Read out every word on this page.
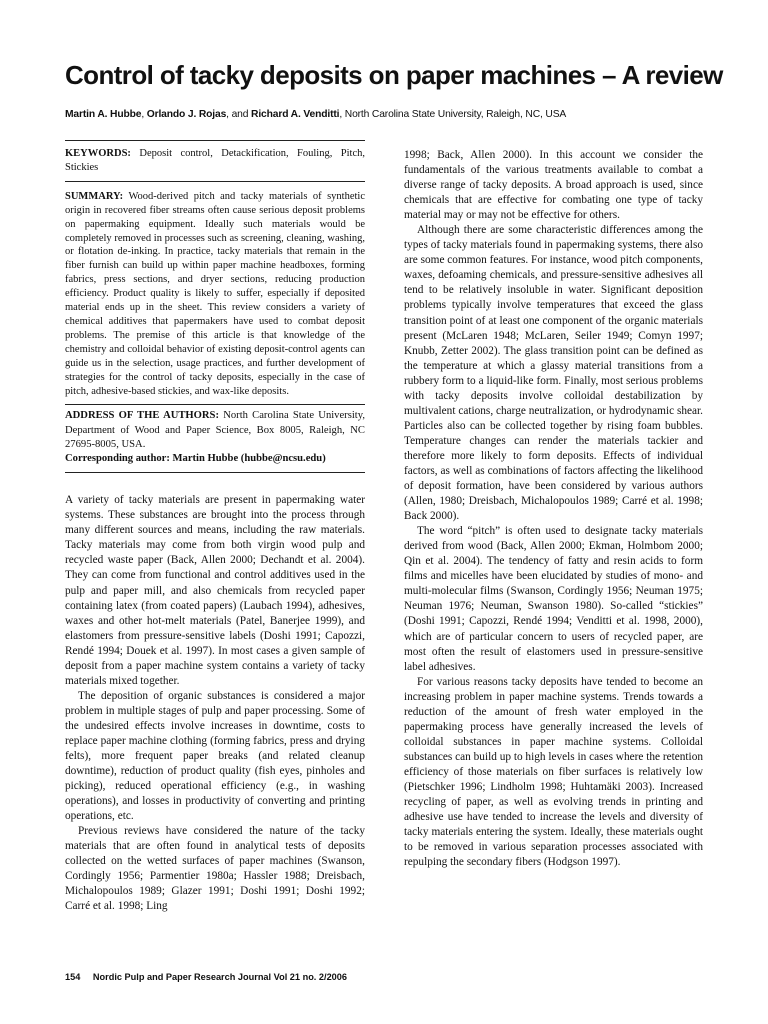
Control of tacky deposits on paper machines – A review
Martin A. Hubbe, Orlando J. Rojas, and Richard A. Venditti, North Carolina State University, Raleigh, NC, USA
KEYWORDS: Deposit control, Detackification, Fouling, Pitch, Stickies
SUMMARY: Wood-derived pitch and tacky materials of synthetic origin in recovered fiber streams often cause serious deposit problems on papermaking equipment. Ideally such materials would be completely removed in processes such as screening, cleaning, washing, or flotation de-inking. In practice, tacky materials that remain in the fiber furnish can build up within paper machine headboxes, forming fabrics, press sections, and dryer sections, reducing production efficiency. Product quality is likely to suffer, especially if deposited material ends up in the sheet. This review considers a variety of chemical additives that papermakers have used to combat deposit problems. The premise of this article is that knowledge of the chemistry and colloidal behavior of existing deposit-control agents can guide us in the selection, usage practices, and further development of strategies for the control of tacky deposits, especially in the case of pitch, adhesive-based stickies, and wax-like deposits.
ADDRESS OF THE AUTHORS: North Carolina State University, Department of Wood and Paper Science, Box 8005, Raleigh, NC 27695-8005, USA.
Corresponding author: Martin Hubbe (hubbe@ncsu.edu)

A variety of tacky materials are present in papermaking water systems. These substances are brought into the process through many different sources and means, including the raw materials. Tacky materials may come from both virgin wood pulp and recycled waste paper (Back, Allen 2000; Dechandt et al. 2004). They can come from functional and control additives used in the pulp and paper mill, and also chemicals from recycled paper containing latex (from coated papers) (Laubach 1994), adhesives, waxes and other hot-melt materials (Patel, Banerjee 1999), and elastomers from pressure-sensitive labels (Doshi 1991; Capozzi, Rendé 1994; Douek et al. 1997). In most cases a given sample of deposit from a paper machine system contains a variety of tacky materials mixed together.

The deposition of organic substances is considered a major problem in multiple stages of pulp and paper processing. Some of the undesired effects involve increases in downtime, costs to replace paper machine clothing (forming fabrics, press and drying felts), more frequent paper breaks (and related cleanup downtime), reduction of product quality (fish eyes, pinholes and picking), reduced operational efficiency (e.g., in washing operations), and losses in productivity of converting and printing operations, etc.

Previous reviews have considered the nature of the tacky materials that are often found in analytical tests of deposits collected on the wetted surfaces of paper machines (Swanson, Cordingly 1956; Parmentier 1980a; Hassler 1988; Dreisbach, Michalopoulos 1989; Glazer 1991; Doshi 1991; Doshi 1992; Carré et al. 1998; Ling

1998; Back, Allen 2000). In this account we consider the fundamentals of the various treatments available to combat a diverse range of tacky deposits. A broad approach is used, since chemicals that are effective for combating one type of tacky material may or may not be effective for others.

Although there are some characteristic differences among the types of tacky materials found in papermaking systems, there also are some common features. For instance, wood pitch components, waxes, defoaming chemicals, and pressure-sensitive adhesives all tend to be relatively insoluble in water. Significant deposition problems typically involve temperatures that exceed the glass transition point of at least one component of the organic materials present (McLaren 1948; McLaren, Seiler 1949; Comyn 1997; Knubb, Zetter 2002). The glass transition point can be defined as the temperature at which a glassy material transitions from a rubbery form to a liquid-like form. Finally, most serious problems with tacky deposits involve colloidal destabilization by multivalent cations, charge neutralization, or hydrodynamic shear. Particles also can be collected together by rising foam bubbles. Temperature changes can render the materials tackier and therefore more likely to form deposits. Effects of individual factors, as well as combinations of factors affecting the likelihood of deposit formation, have been considered by various authors (Allen, 1980; Dreisbach, Michalopoulos 1989; Carré et al. 1998; Back 2000).

The word “pitch” is often used to designate tacky materials derived from wood (Back, Allen 2000; Ekman, Holmbom 2000; Qin et al. 2004). The tendency of fatty and resin acids to form films and micelles have been elucidated by studies of mono- and multi-molecular films (Swanson, Cordingly 1956; Neuman 1975; Neuman 1976; Neuman, Swanson 1980). So-called “stickies” (Doshi 1991; Capozzi, Rendé 1994; Venditti et al. 1998, 2000), which are of particular concern to users of recycled paper, are most often the result of elastomers used in pressure-sensitive label adhesives.

For various reasons tacky deposits have tended to become an increasing problem in paper machine systems. Trends towards a reduction of the amount of fresh water employed in the papermaking process have generally increased the levels of colloidal substances in paper machine systems. Colloidal substances can build up to high levels in cases where the retention efficiency of those materials on fiber surfaces is relatively low (Pietschker 1996; Lindholm 1998; Huhtamäki 2003). Increased recycling of paper, as well as evolving trends in printing and adhesive use have tended to increase the levels and diversity of tacky materials entering the system. Ideally, these materials ought to be removed in various separation processes associated with repulping the secondary fibers (Hodgson 1997).

154 Nordic Pulp and Paper Research Journal Vol 21 no. 2/2006
